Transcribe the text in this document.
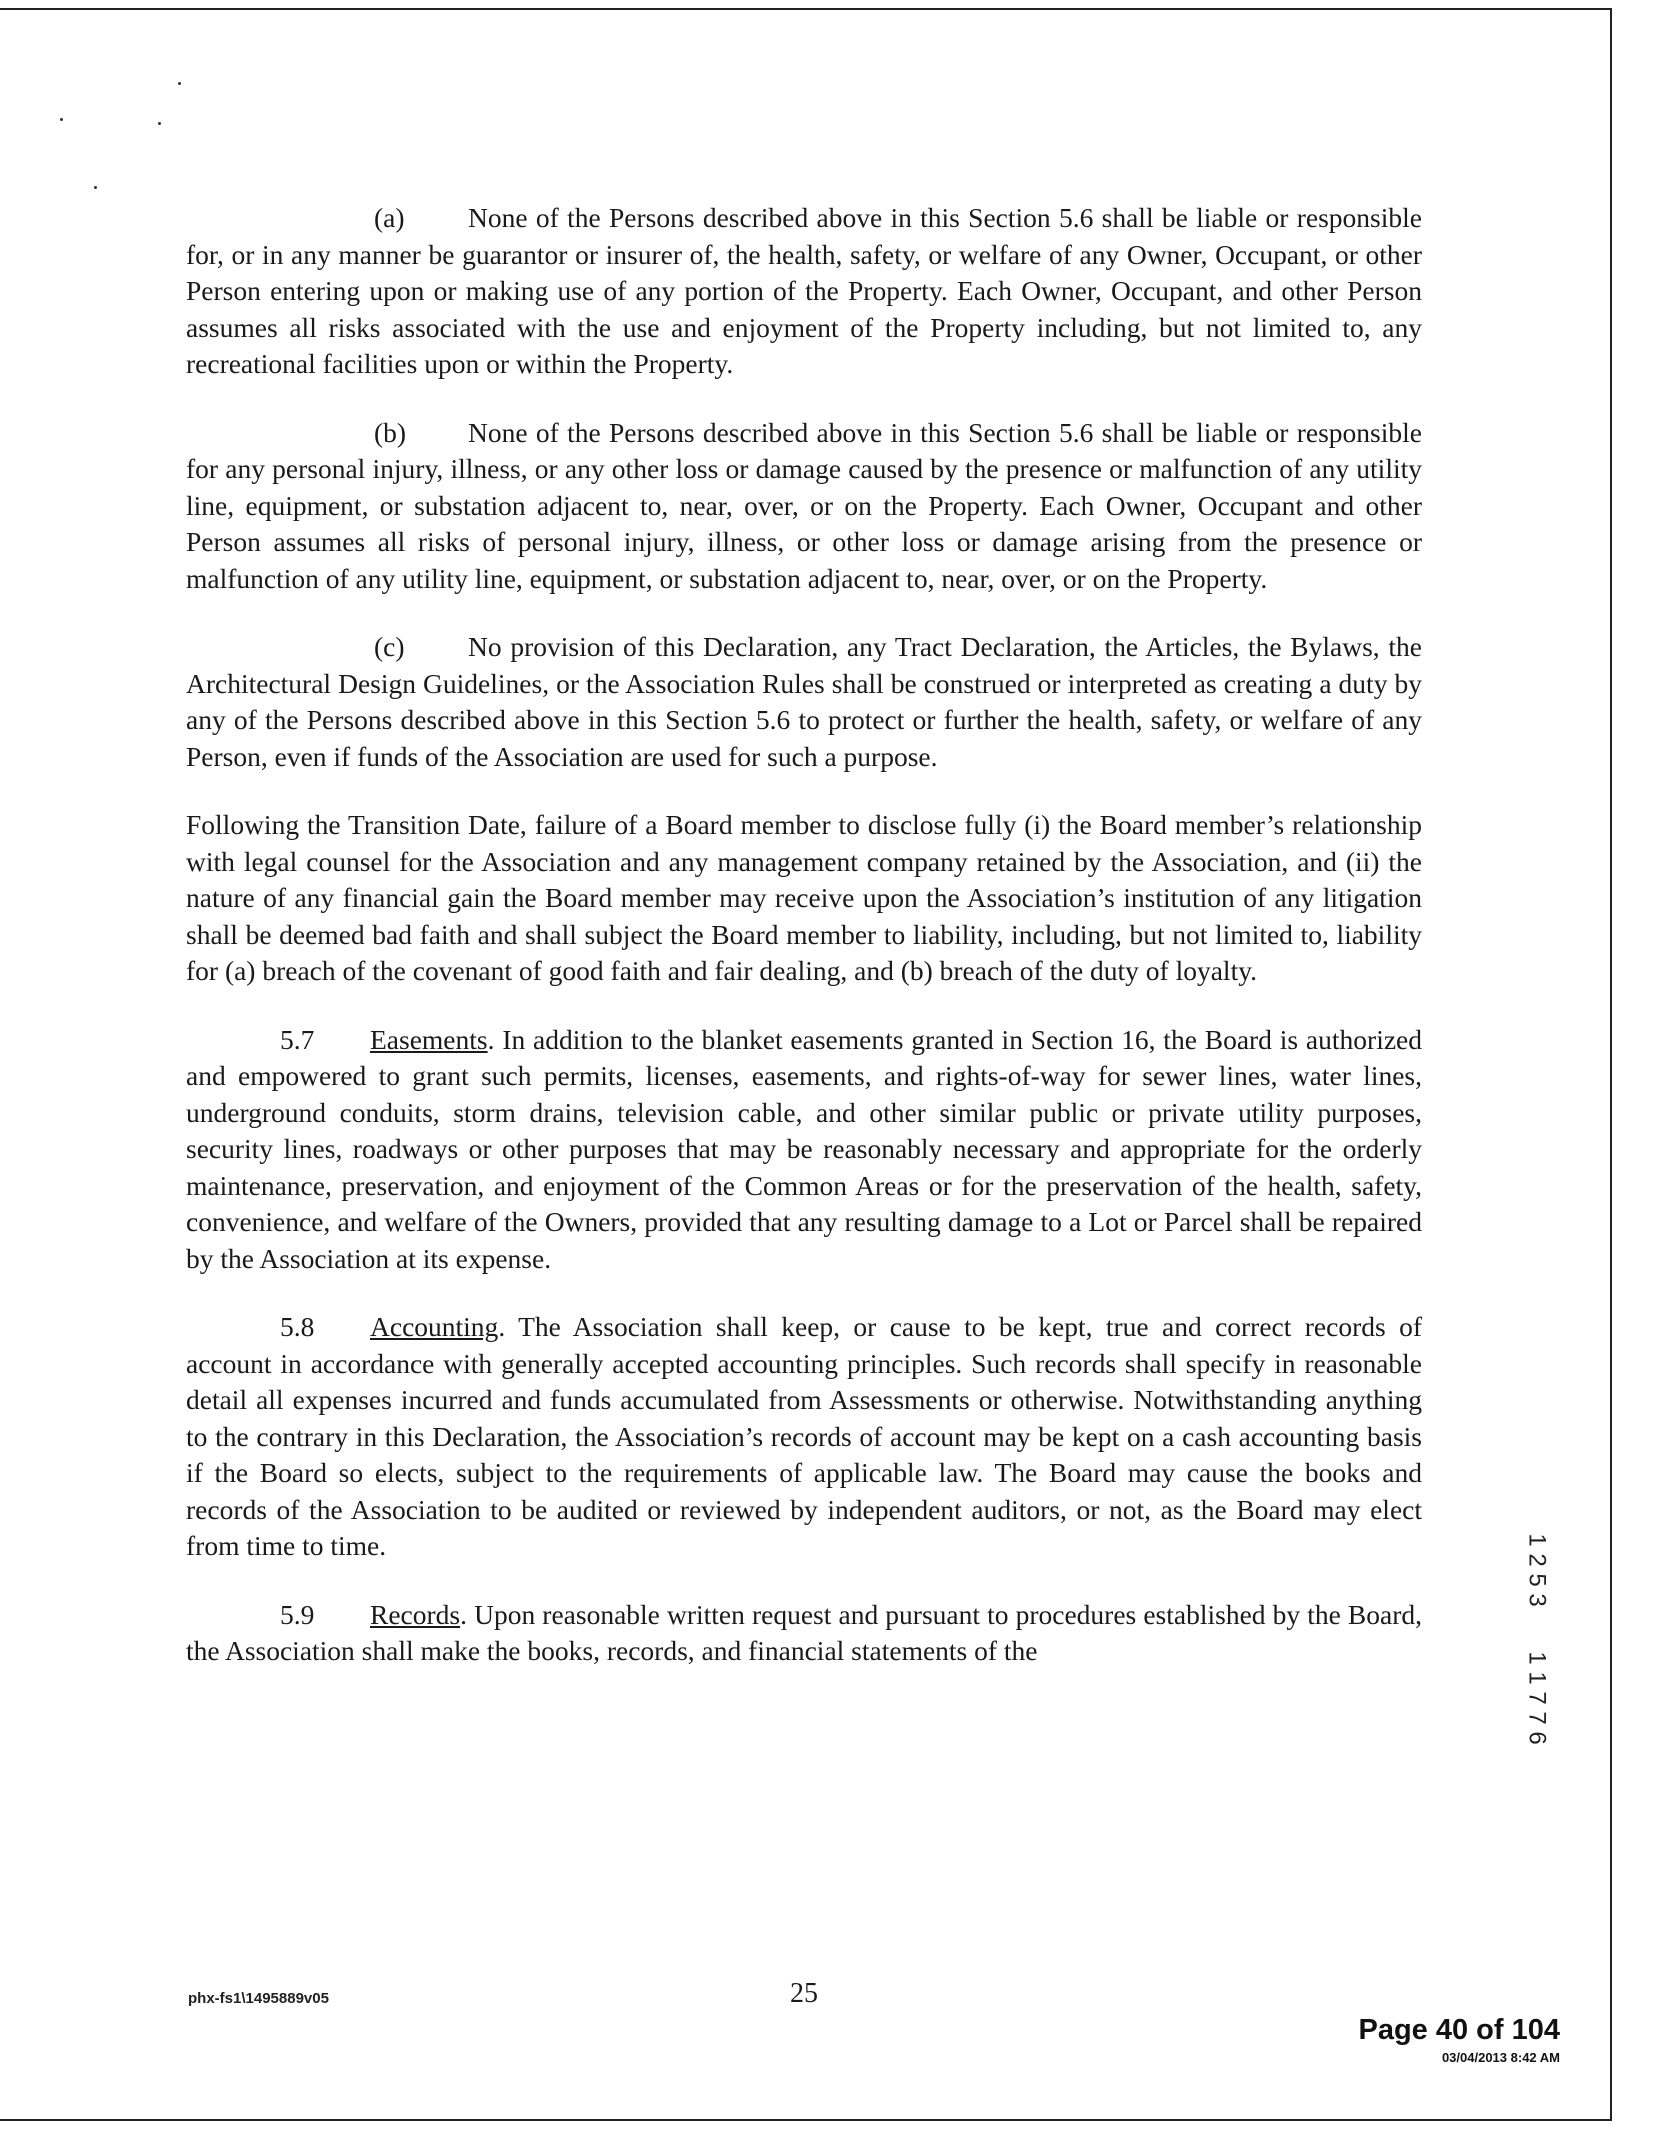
(a) None of the Persons described above in this Section 5.6 shall be liable or responsible for, or in any manner be guarantor or insurer of, the health, safety, or welfare of any Owner, Occupant, or other Person entering upon or making use of any portion of the Property. Each Owner, Occupant, and other Person assumes all risks associated with the use and enjoyment of the Property including, but not limited to, any recreational facilities upon or within the Property.

(b) None of the Persons described above in this Section 5.6 shall be liable or responsible for any personal injury, illness, or any other loss or damage caused by the presence or malfunction of any utility line, equipment, or substation adjacent to, near, over, or on the Property. Each Owner, Occupant and other Person assumes all risks of personal injury, illness, or other loss or damage arising from the presence or malfunction of any utility line, equipment, or substation adjacent to, near, over, or on the Property.

(c) No provision of this Declaration, any Tract Declaration, the Articles, the Bylaws, the Architectural Design Guidelines, or the Association Rules shall be construed or interpreted as creating a duty by any of the Persons described above in this Section 5.6 to protect or further the health, safety, or welfare of any Person, even if funds of the Association are used for such a purpose.

Following the Transition Date, failure of a Board member to disclose fully (i) the Board member’s relationship with legal counsel for the Association and any management company retained by the Association, and (ii) the nature of any financial gain the Board member may receive upon the Association’s institution of any litigation shall be deemed bad faith and shall subject the Board member to liability, including, but not limited to, liability for (a) breach of the covenant of good faith and fair dealing, and (b) breach of the duty of loyalty.

5.7 Easements. In addition to the blanket easements granted in Section 16, the Board is authorized and empowered to grant such permits, licenses, easements, and rights-of-way for sewer lines, water lines, underground conduits, storm drains, television cable, and other similar public or private utility purposes, security lines, roadways or other purposes that may be reasonably necessary and appropriate for the orderly maintenance, preservation, and enjoyment of the Common Areas or for the preservation of the health, safety, convenience, and welfare of the Owners, provided that any resulting damage to a Lot or Parcel shall be repaired by the Association at its expense.

5.8 Accounting. The Association shall keep, or cause to be kept, true and correct records of account in accordance with generally accepted accounting principles. Such records shall specify in reasonable detail all expenses incurred and funds accumulated from Assessments or otherwise. Notwithstanding anything to the contrary in this Declaration, the Association’s records of account may be kept on a cash accounting basis if the Board so elects, subject to the requirements of applicable law. The Board may cause the books and records of the Association to be audited or reviewed by independent auditors, or not, as the Board may elect from time to time.

5.9 Records. Upon reasonable written request and pursuant to procedures established by the Board, the Association shall make the books, records, and financial statements of the

1
2
5
3
1
1
7
7
6
phx-fs1\1495889v05	25
Page 40 of 104
03/04/2013 8:42 AM
